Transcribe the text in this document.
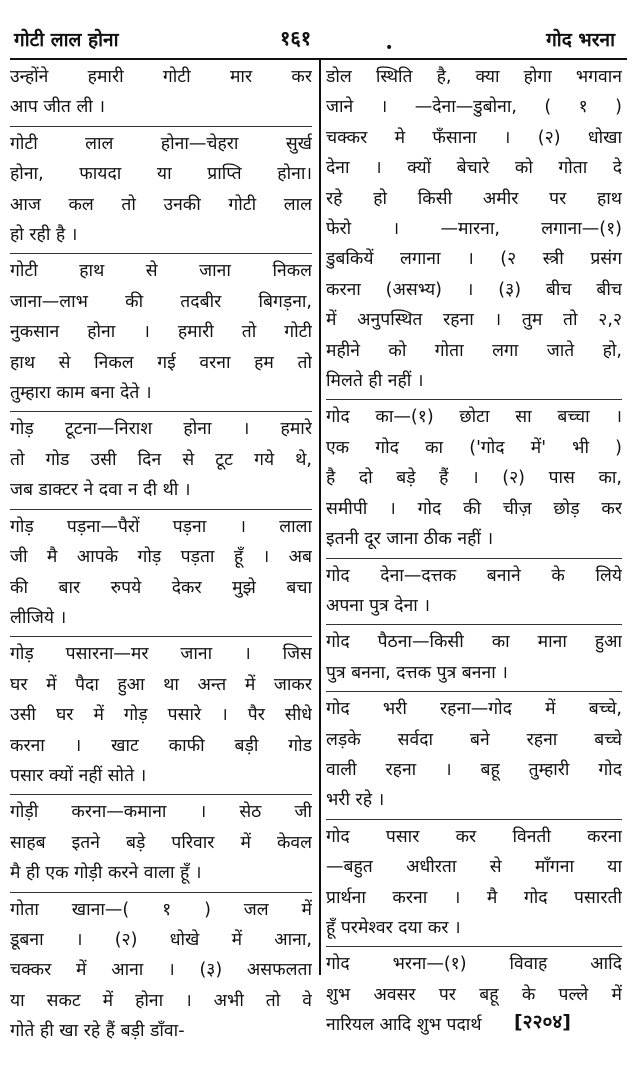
गोटी लाल होना	१६१	गोद भरना
•
उन्होंने हमारी गोटी मार कर
आप जीत ली ।
गोटी लाल होना—चेहरा सुर्ख
होना, फायदा या प्राप्ति होना।
आज कल तो उनकी गोटी लाल
हो रही है ।
गोटी हाथ से जाना निकल
जाना—लाभ की तदबीर बिगड़ना,
नुकसान होना । हमारी तो गोटी
हाथ से निकल गई वरना हम तो
तुम्हारा काम बना देते ।
गोड़ टूटना—निराश होना । हमारे
तो गोड उसी दिन से टूट गये थे,
जब डाक्टर ने दवा न दी थी ।
गोड़ पड़ना—पैरों पड़ना । लाला
जी मै आपके गोड़ पड़ता हूँ । अब
की बार रुपये देकर मुझे बचा
लीजिये ।
गोड़ पसारना—मर जाना । जिस
घर में पैदा हुआ था अन्त में जाकर
उसी घर में गोड़ पसारे । पैर सीधे
करना । खाट काफी बड़ी गोड
पसार क्यों नहीं सोते ।
गोड़ी करना—कमाना । सेठ जी
साहब इतने बड़े परिवार में केवल
मै ही एक गोड़ी करने वाला हूँ ।
गोता खाना—( १ ) जल में
डूबना । (२) धोखे में आना,
चक्कर में आना । (३) असफलता
या सकट में होना । अभी तो वे
गोते ही खा रहे हैं बड़ी डाँवा-
डोल स्थिति है, क्या होगा भगवान
जाने । —देना—डुबोना, ( १ )
चक्कर मे फँसाना । (२) धोखा
देना । क्यों बेचारे को गोता दे
रहे हो किसी अमीर पर हाथ
फेरो । —मारना, लगाना—(१)
डुबकियें लगाना । (२ स्त्री प्रसंग
करना (असभ्य) । (३) बीच बीच
में अनुपस्थित रहना । तुम तो २,२
महीने को गोता लगा जाते हो,
मिलते ही नहीं ।
गोद का—(१) छोटा सा बच्चा ।
एक गोद का ('गोद में' भी )
है दो बड़े हैं । (२) पास का,
समीपी । गोद की चीज़ छोड़ कर
इतनी दूर जाना ठीक नहीं ।
गोद देना—दत्तक बनाने के लिये
अपना पुत्र देना ।
गोद पैठना—किसी का माना हुआ
पुत्र बनना, दत्तक पुत्र बनना ।
गोद भरी रहना—गोद में बच्चे,
लड़के सर्वदा बने रहना बच्चे
वाली रहना । बहू तुम्हारी गोद
भरी रहे ।
गोद पसार कर विनती करना
—बहुत अधीरता से माँगना या
प्रार्थना करना । मै गोद पसारती
हूँ परमेश्वर दया कर ।
गोद भरना—(१) विवाह आदि
शुभ अवसर पर बहू के पल्ले में
नारियल आदि शुभ पदार्थ	[२२०४]
